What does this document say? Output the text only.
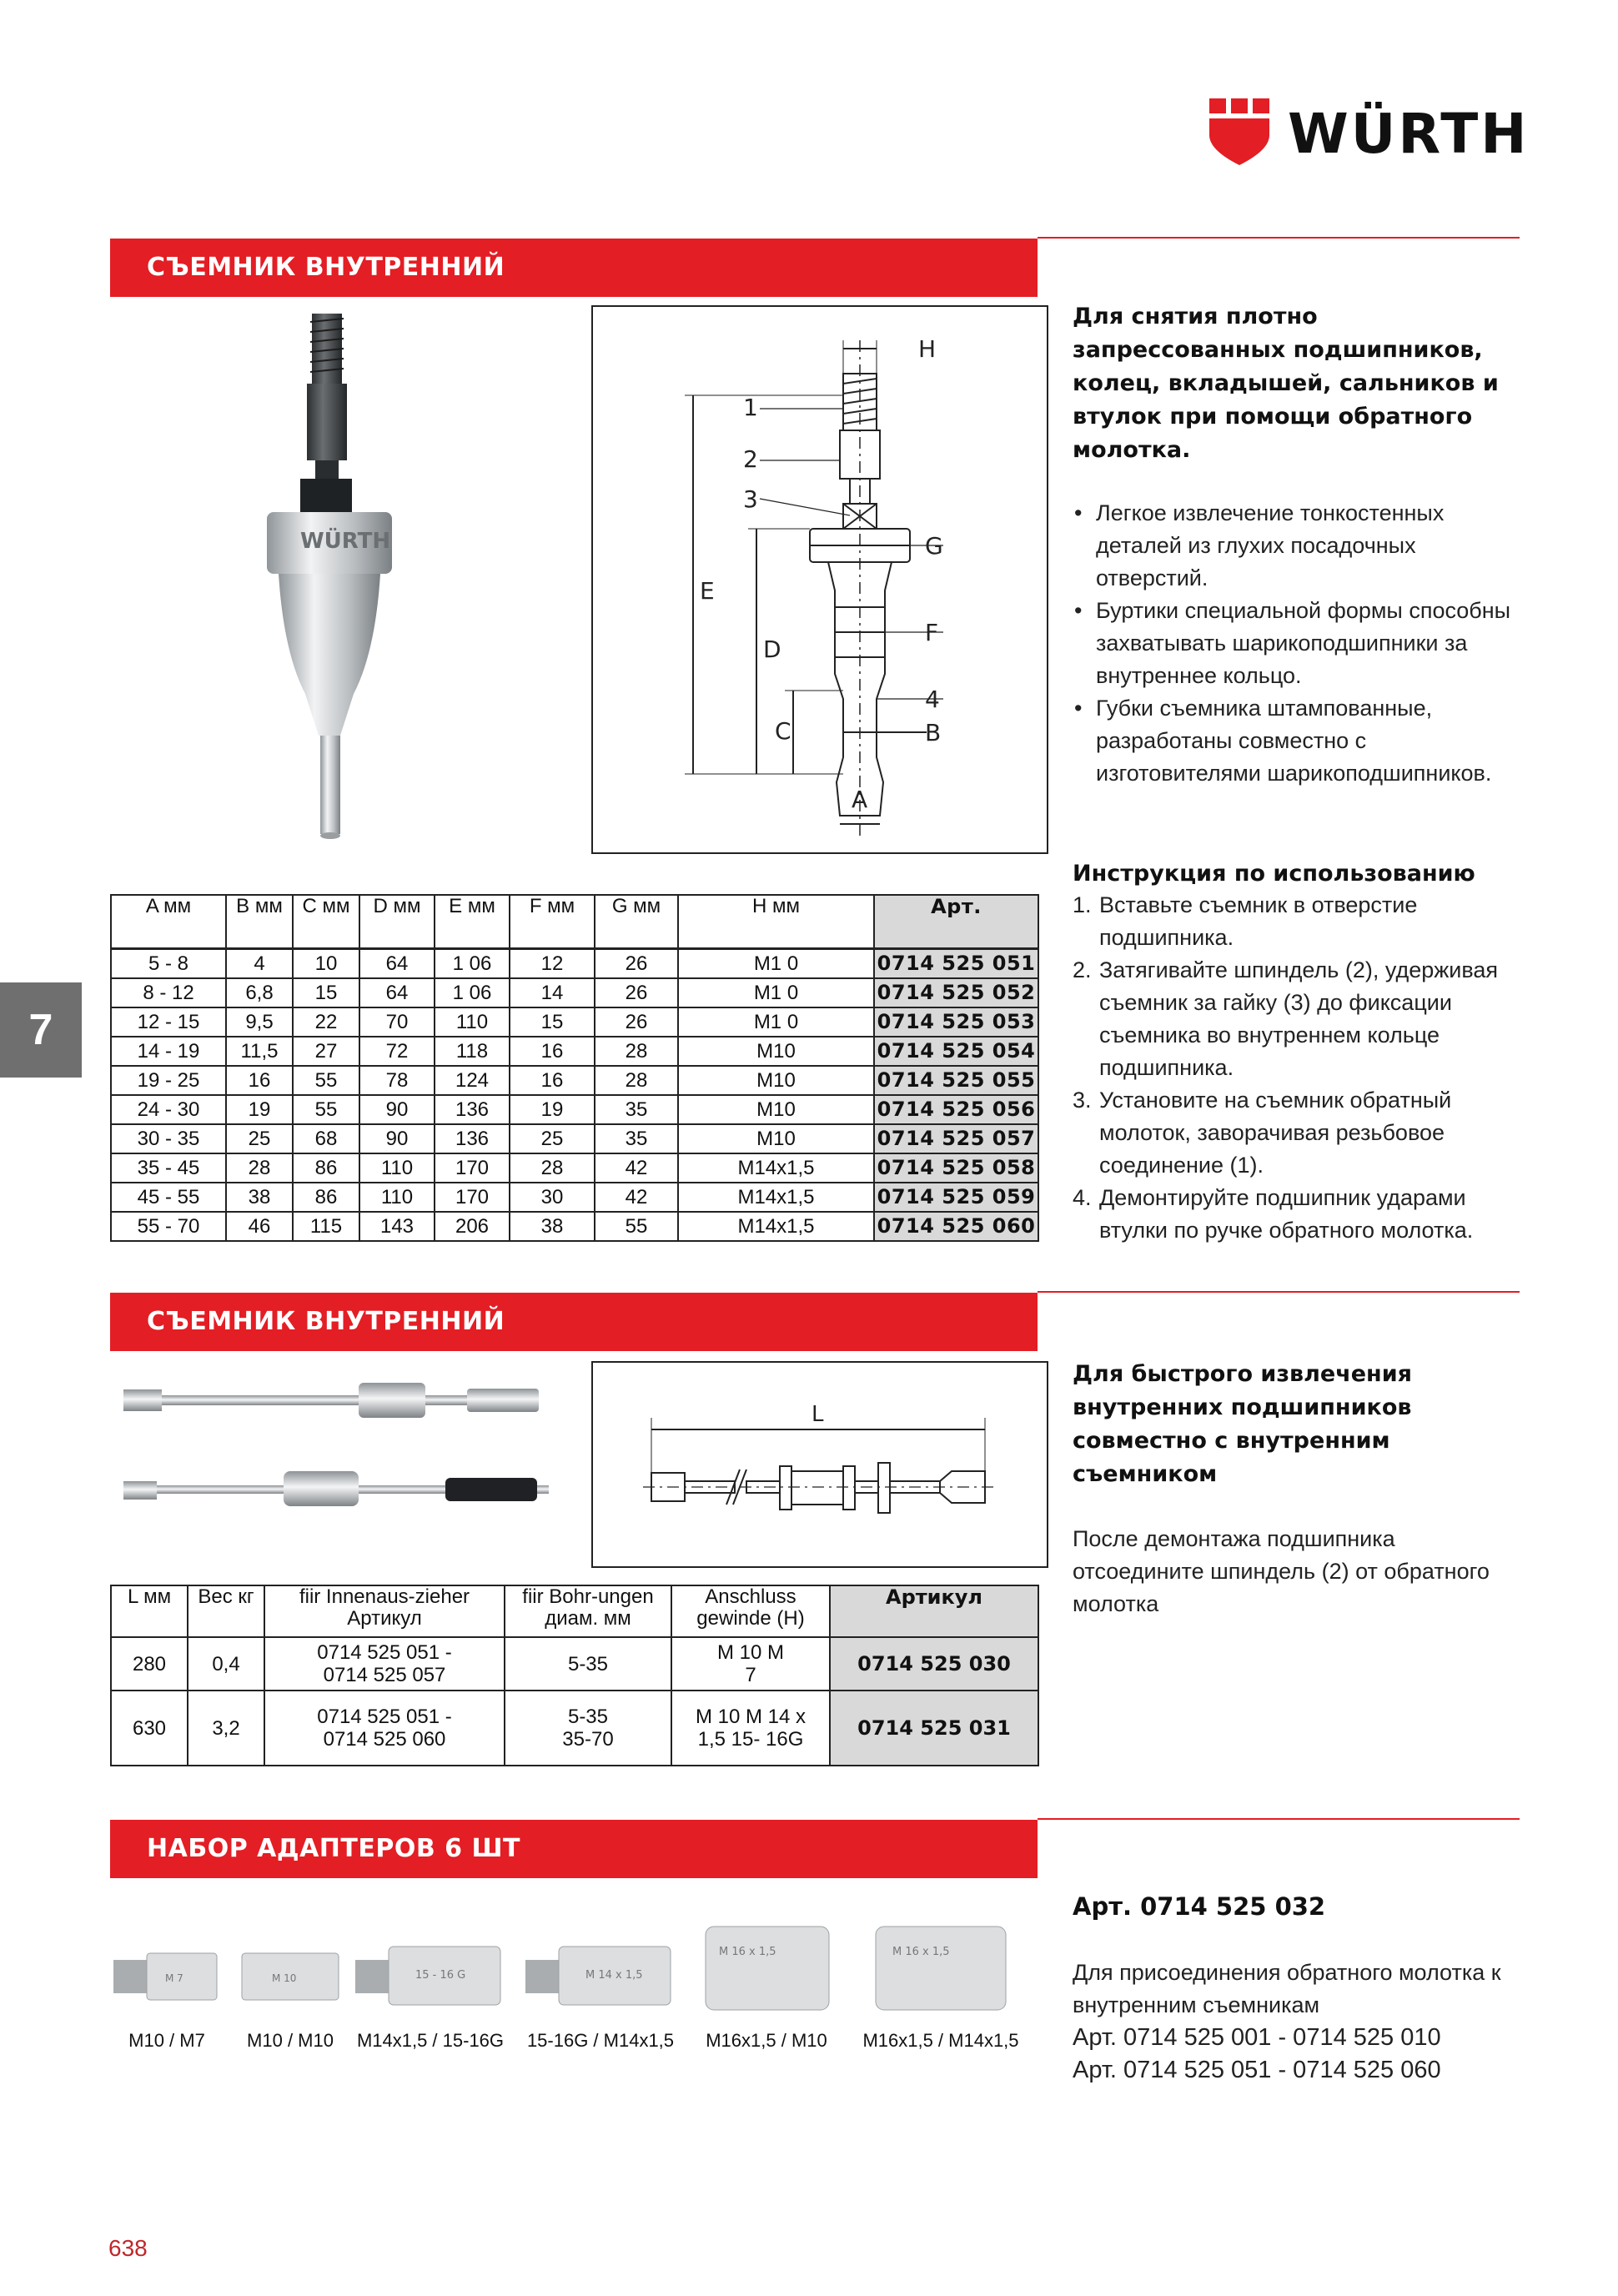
WÜRTH
СЪЕМНИК ВНУТРЕННИЙ
WÜRTH
H
1
2
3
G
E
F
D
4
C	B
A
Для снятия плотно запрессованных подшипников, колец, вкладышей, сальников и втулок при помощи обратного молотка.
• Легкое извлечение тонкостенных деталей из глухих посадочных отверстий.
• Буртики специальной формы способны захватывать шарикоподшипники за внутреннее кольцо.
• Губки съемника штампованные, разработаны совместно с изготовителями шарикоподшипников.
Инструкция по использованию
1. Вставьте съемник в отверстие подшипника.
2. Затягивайте шпиндель (2), удерживая съемник за гайку (3) до фиксации съемника во внутреннем кольце подшипника.
3. Установите на съемник обратный молоток, заворачивая резьбовое соединение (1).
4. Демонтируйте подшипник ударами втулки по ручке обратного молотка.
7
A мм	B мм	C мм	D мм	E мм	F мм	G мм	H мм	Арт.
5 - 8	4	10	64	1 06	12	26	M1 0	0714 525 051
8 - 12	6,8	15	64	1 06	14	26	M1 0	0714 525 052
12 - 15	9,5	22	70	110	15	26	M1 0	0714 525 053
14 - 19	11,5	27	72	118	16	28	M10	0714 525 054
19 - 25	16	55	78	124	16	28	M10	0714 525 055
24 - 30	19	55	90	136	19	35	M10	0714 525 056
30 - 35	25	68	90	136	25	35	M10	0714 525 057
35 - 45	28	86	110	170	28	42	M14x1,5	0714 525 058
45 - 55	38	86	110	170	30	42	M14x1,5	0714 525 059
55 - 70	46	115	143	206	38	55	M14x1,5	0714 525 060
СЪЕМНИК ВНУТРЕННИЙ
L
Для быстрого извлечения внутренних подшипников совместно с внутренним съемником
После демонтажа подшипника отсоедините шпиндель (2) от обратного молотка
L мм	Вес кг	fiir Innenaus-zieher Артикул	fiir Bohr-ungen диам. мм	Anschluss gewinde (H)	Артикул
280	0,4	0714 525 051 - 0714 525 057	5-35	M 10 M 7	0714 525 030
630	3,2	0714 525 051 - 0714 525 060	5-35 35-70	M 10 M 14 x 1,5 15- 16G	0714 525 031
НАБОР АДАПТЕРОВ 6 ШТ
M 7
M10 / M7
M 10
M10 / M10
15 - 16 G
M14x1,5 / 15-16G
M 14 x 1,5
15-16G / M14x1,5
M 16 x 1,5
M16x1,5 / M10
M 16 x 1,5
M16x1,5 / M14x1,5
Арт. 0714 525 032
Для присоединения обратного молотка к внутренним съемникам
Арт. 0714 525 001 - 0714 525 010
Арт. 0714 525 051 - 0714 525 060
638
